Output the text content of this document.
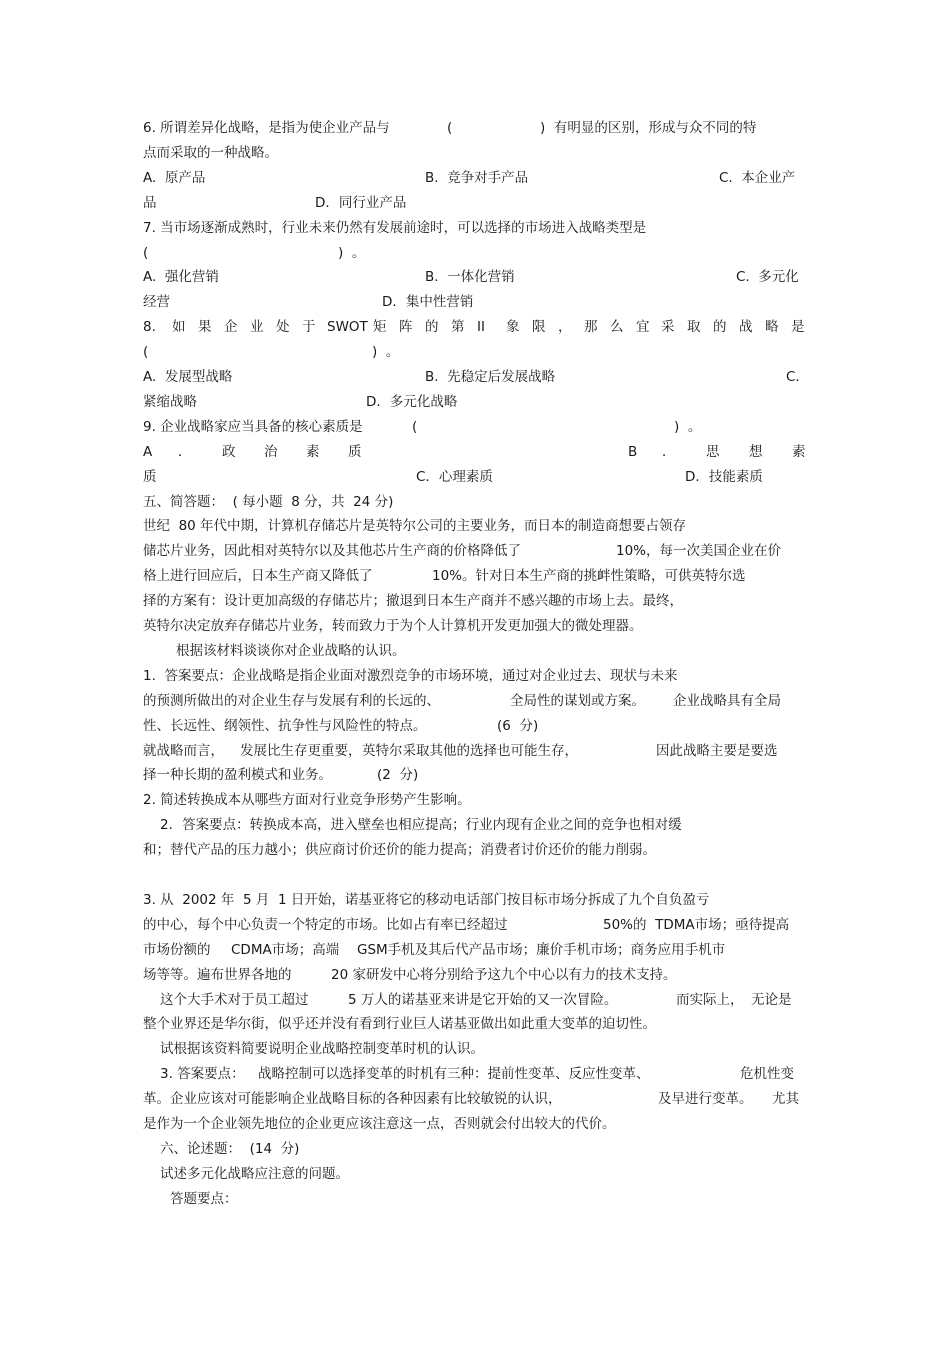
6. 所谓差异化战略，是指为使企业产品与	(	)  有明显的区别，形成与众不同的特
点而采取的一种战略。
A.  原产品	B.  竞争对手产品	C.  本企业产
品	D．同行业产品
7. 当市场逐渐成熟时，行业未来仍然有发展前途时，可以选择的市场进入战略类型是
(	)  。
A.  强化营销	B.  一体化营销	C.  多元化
经营	D．集中性营销
8. 如 果 企 业 处 于 SWOT 矩 阵 的 第 II 象 限 ， 那 么 宜 采 取 的 战 略 是
(	)  。
A.  发展型战略	B.  先稳定后发展战略	C.
紧缩战略	D．多元化战略
9. 企业战略家应当具备的核心素质是	(	)  。
A ． 政 治 素 质	B ． 思 想 素
质	C．心理素质	D．技能素质
五、简答题：  ( 每小题  8 分，共  24 分)
世纪  80 年代中期，计算机存储芯片是英特尔公司的主要业务，而日本的制造商想要占领存
储芯片业务，因此相对英特尔以及其他芯片生产商的价格降低了	10%，每一次美国企业在价
格上进行回应后，日本生产商又降低了	10%。针对日本生产商的挑衅性策略，可供英特尔选
择的方案有：设计更加高级的存储芯片；撤退到日本生产商并不感兴趣的市场上去。最终，
英特尔决定放弃存储芯片业务，转而致力于为个人计算机开发更加强大的微处理器。
根据该材料谈谈你对企业战略的认识。
1.  答案要点：企业战略是指企业面对激烈竞争的市场环境，通过对企业过去、现状与未来
的预测所做出的对企业生存与发展有利的长远的、	全局性的谋划或方案。 企业战略具有全局
性、长远性、纲领性、抗争性与风险性的特点。	(6  分)
就战略而言， 发展比生存更重要， 英特尔采取其他的选择也可能生存，	因此战略主要是要选
择一种长期的盈利模式和业务。	(2  分)
2. 简述转换成本从哪些方面对行业竞争形势产生影响。
2．答案要点：转换成本高，进入壁垒也相应提高；行业内现有企业之间的竞争也相对缓
和；替代产品的压力越小；供应商讨价还价的能力提高；消费者讨价还价的能力削弱。
3. 从  2002 年  5 月  1 日开始，诺基亚将它的移动电话部门按目标市场分拆成了九个自负盈亏
的中心，每个中心负责一个特定的市场。比如占有率已经超过	50%的  TDMA市场；亟待提高
市场份额的 CDMA市场；高端 GSM手机及其后代产品市场；廉价手机市场；商务应用手机市
场等等。遍布世界各地的	20 家研发中心将分别给予这九个中心以有力的技术支持。
这个大手术对于员工超过	5 万人的诺基亚来讲是它开始的又一次冒险。	而实际上， 无论是
整个业界还是华尔街，似乎还并没有看到行业巨人诺基亚做出如此重大变革的迫切性。
试根据该资料简要说明企业战略控制变革时机的认识。
3. 答案要点： 战略控制可以选择变革的时机有三种：提前性变革、反应性变革、	危机性变
革。企业应该对可能影响企业战略目标的各种因素有比较敏锐的认识，	及早进行变革。 尤其
是作为一个企业领先地位的企业更应该注意这一点，否则就会付出较大的代价。
六、论述题：  (14  分)
试述多元化战略应注意的问题。
答题要点：
